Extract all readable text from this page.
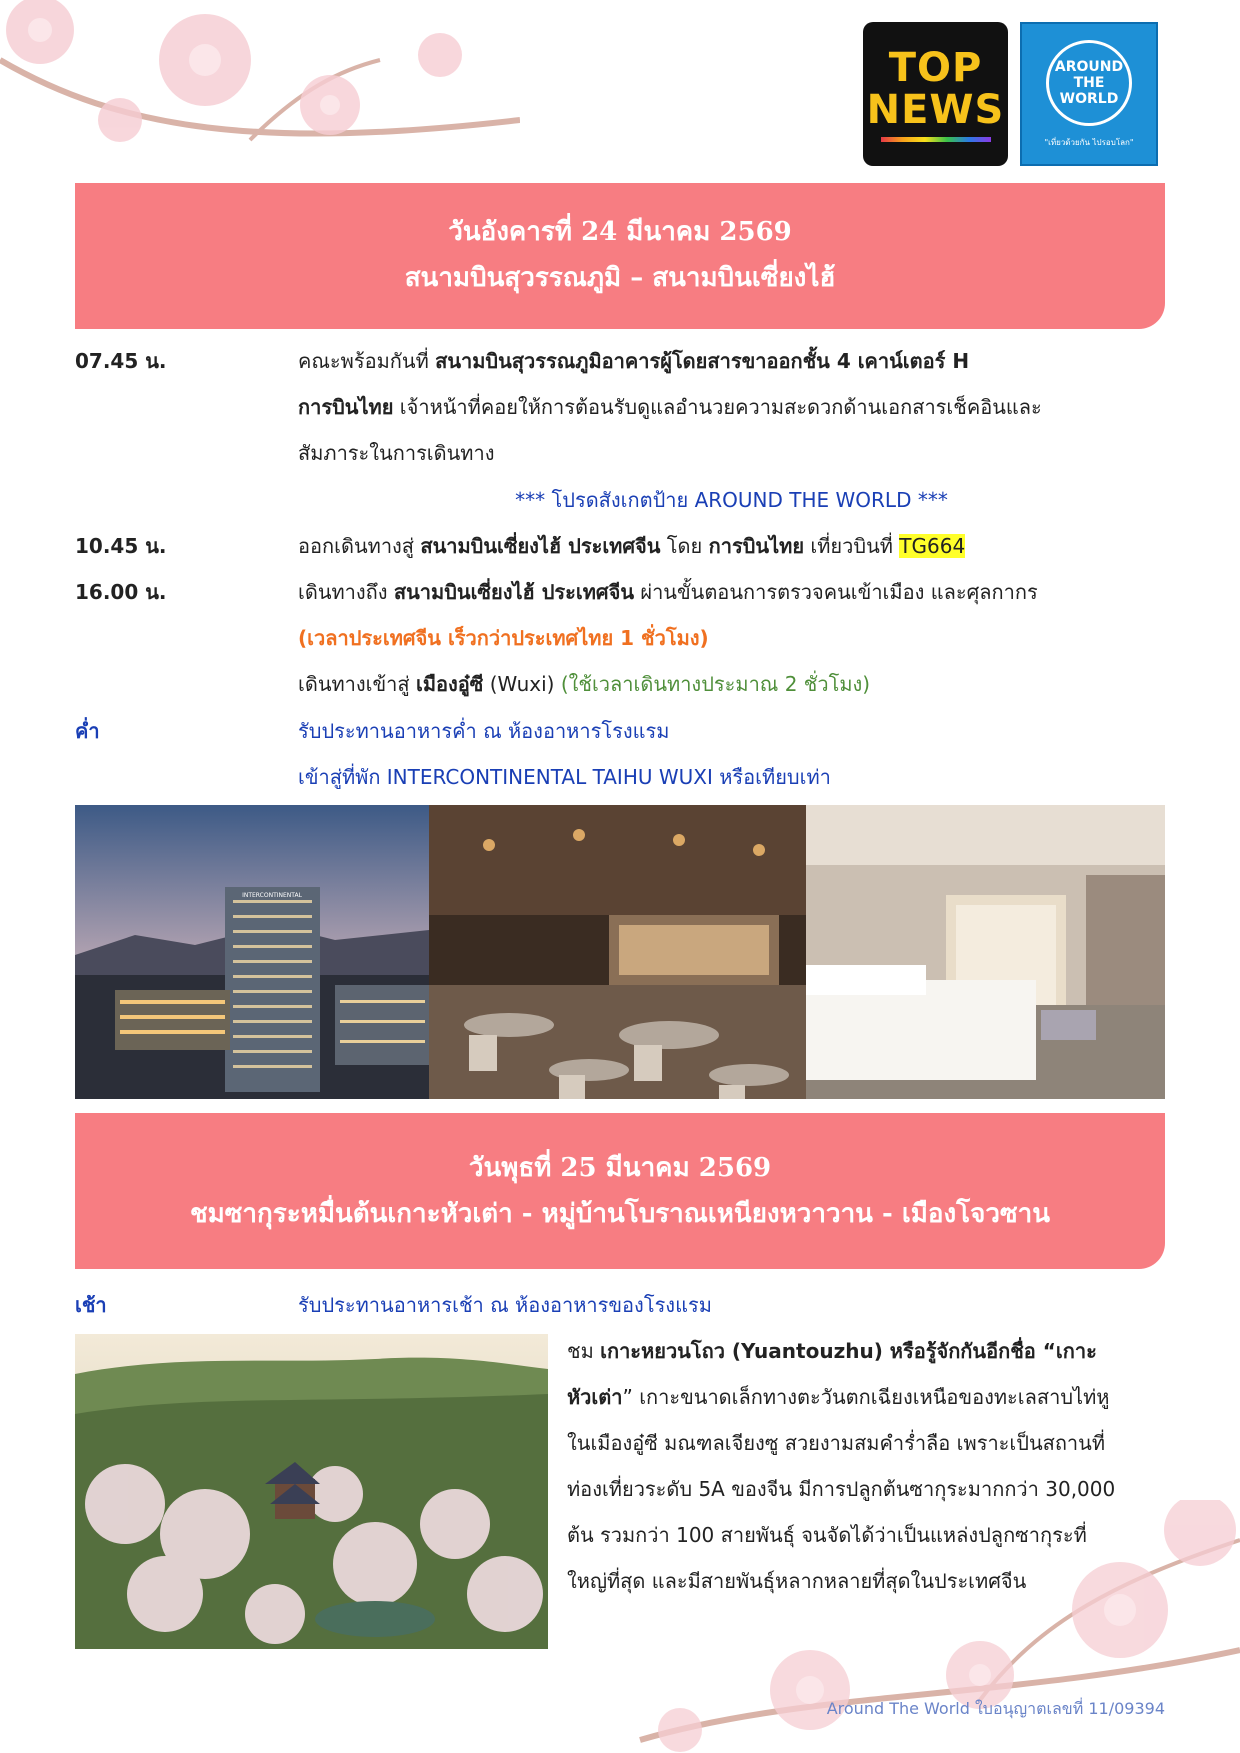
TOP
NEWS
AROUND
THE WORLD
"เที่ยวด้วยกัน ไปรอบโลก"
วันอังคารที่ 24 มีนาคม 2569
สนามบินสุวรรณภูมิ – สนามบินเซี่ยงไฮ้
07.45 น.	คณะพร้อมกันที่ สนามบินสุวรรณภูมิอาคารผู้โดยสารขาออกชั้น 4 เคาน์เตอร์ H
การบินไทย เจ้าหน้าที่คอยให้การต้อนรับดูแลอำนวยความสะดวกด้านเอกสารเช็คอินและ
สัมภาระในการเดินทาง
*** โปรดสังเกตป้าย AROUND THE WORLD ***
10.45 น.	ออกเดินทางสู่ สนามบินเซี่ยงไฮ้ ประเทศจีน โดย การบินไทย เที่ยวบินที่ TG664
16.00 น.	เดินทางถึง สนามบินเซี่ยงไฮ้ ประเทศจีน ผ่านขั้นตอนการตรวจคนเข้าเมือง และศุลกากร
(เวลาประเทศจีน เร็วกว่าประเทศไทย 1 ชั่วโมง)
เดินทางเข้าสู่ เมืองอู๋ซี (Wuxi) (ใช้เวลาเดินทางประมาณ 2 ชั่วโมง)
ค่ำ	รับประทานอาหารค่ำ ณ ห้องอาหารโรงแรม
เข้าสู่ที่พัก INTERCONTINENTAL TAIHU WUXI หรือเทียบเท่า
INTERCONTINENTAL
วันพุธที่ 25 มีนาคม 2569
ชมซากุระหมื่นต้นเกาะหัวเต่า - หมู่บ้านโบราณเหนียงหวาวาน - เมืองโจวซาน
เช้า	รับประทานอาหารเช้า ณ ห้องอาหารของโรงแรม
ชม เกาะหยวนโถว (Yuantouzhu) หรือรู้จักกันอีกชื่อ “เกาะ
หัวเต่า” เกาะขนาดเล็กทางตะวันตกเฉียงเหนือของทะเลสาบไท่หู
ในเมืองอู๋ซี มณฑลเจียงซู สวยงามสมคำร่ำลือ เพราะเป็นสถานที่
ท่องเที่ยวระดับ 5A ของจีน มีการปลูกต้นซากุระมากกว่า 30,000
ต้น รวมกว่า 100 สายพันธุ์ จนจัดได้ว่าเป็นแหล่งปลูกซากุระที่
ใหญ่ที่สุด และมีสายพันธุ์หลากหลายที่สุดในประเทศจีน
Around The World ใบอนุญาตเลขที่ 11/09394
